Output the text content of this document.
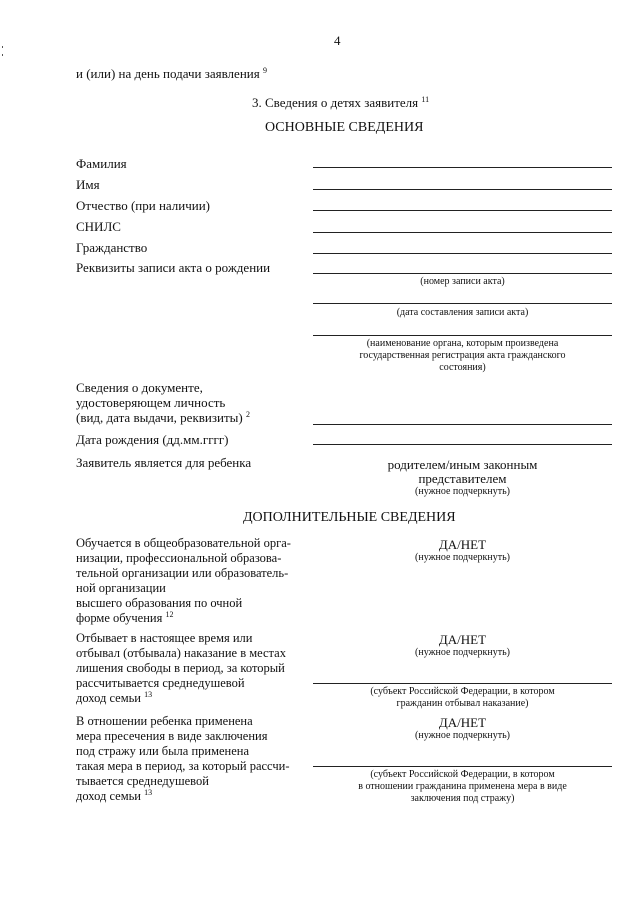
4
и (или) на день подачи заявления $^9$
3. Сведения о детях заявителя $^{11}$
ОСНОВНЫЕ СВЕДЕНИЯ
Фамилия
Имя
Отчество (при наличии)
СНИЛС
Гражданство
Реквизиты записи акта о рождении
(номер записи акта)
(дата составления записи акта)
(наименование органа, которым произведена
государственная регистрация акта гражданского
состояния)
Сведения о документе,
удостоверяющем личность
(вид, дата выдачи, реквизиты) $^2$
Дата рождения (дд.мм.гггг)
Заявитель является для ребенка	родителем/иным законным
представителем
(нужное подчеркнуть)
ДОПОЛНИТЕЛЬНЫЕ СВЕДЕНИЯ
Обучается в общеобразовательной орга-
низации, профессиональной образова-
тельной организации или образователь-
ной организации
высшего образования по очной
форме обучения $^{12}$
ДА/НЕТ
(нужное подчеркнуть)
Отбывает в настоящее время или
отбывал (отбывала) наказание в местах
лишения свободы в период, за который
рассчитывается среднедушевой
доход семьи $^{13}$
ДА/НЕТ
(нужное подчеркнуть)
(субъект Российской Федерации, в котором
гражданин отбывал наказание)
В отношении ребенка применена
мера пресечения в виде заключения
под стражу или была применена
такая мера в период, за который рассчи-
тывается среднедушевой
доход семьи $^{13}$
ДА/НЕТ
(нужное подчеркнуть)
(субъект Российской Федерации, в котором
в отношении гражданина применена мера в виде
заключения под стражу)
